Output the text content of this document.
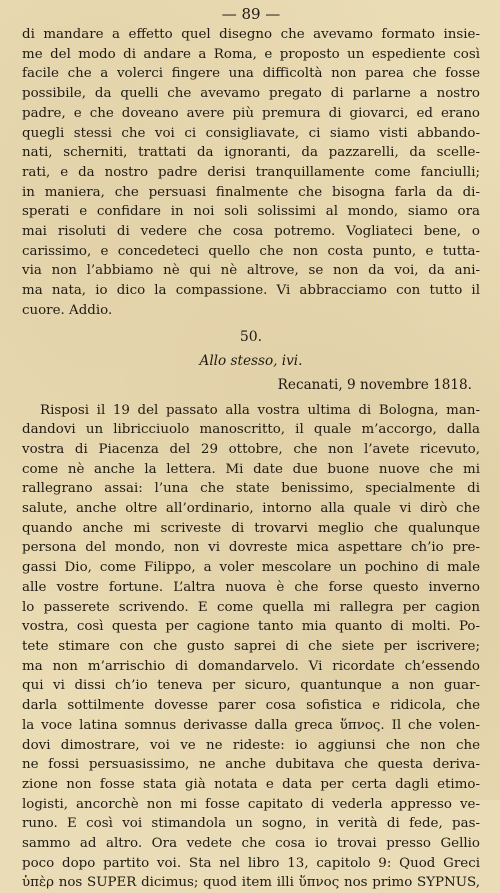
— 89 —
di mandare a effetto quel disegno che avevamo formato insie-
me del modo di andare a Roma, e proposto un espediente così
facile che a volerci fingere una difficoltà non parea che fosse
possibile, da quelli che avevamo pregato di parlarne a nostro
padre, e che doveano avere più premura di giovarci, ed erano
quegli stessi che voi ci consigliavate, ci siamo visti abbando-
nati, scherniti, trattati da ignoranti, da pazzarelli, da scelle-
rati, e da nostro padre derisi tranquillamente come fanciulli;
in maniera, che persuasi finalmente che bisogna farla da di-
sperati e confidare in noi soli solissimi al mondo, siamo ora
mai risoluti di vedere che cosa potremo. Vogliateci bene, o
carissimo, e concedeteci quello che non costa punto, e tutta-
via non l’abbiamo nè qui nè altrove, se non da voi, da ani-
ma nata, io dico la compassione. Vi abbracciamo con tutto il
cuore. Addio.
50.
Allo stesso, ivi.
Recanati, 9 novembre 1818.
Risposi il 19 del passato alla vostra ultima di Bologna, man-
dandovi un libricciuolo manoscritto, il quale m’accorgo, dalla
vostra di Piacenza del 29 ottobre, che non l’avete ricevuto,
come nè anche la lettera. Mi date due buone nuove che mi
rallegrano assai: l’una che state benissimo, specialmente di
salute, anche oltre all’ordinario, intorno alla quale vi dirò che
quando anche mi scriveste di trovarvi meglio che qualunque
persona del mondo, non vi dovreste mica aspettare ch’io pre-
gassi Dio, come Filippo, a voler mescolare un pochino di male
alle vostre fortune. L’altra nuova è che forse questo inverno
lo passerete scrivendo. E come quella mi rallegra per cagion
vostra, così questa per cagione tanto mia quanto di molti. Po-
tete stimare con che gusto saprei di che siete per iscrivere;
ma non m’arrischio di domandarvelo. Vi ricordate ch’essendo
qui vi dissi ch’io teneva per sicuro, quantunque a non guar-
darla sottilmente dovesse parer cosa sofistica e ridicola, che
la voce latina somnus derivasse dalla greca ὕπνος. Il che volen-
dovi dimostrare, voi ve ne rideste: io aggiunsi che non che
ne fossi persuasissimo, ne anche dubitava che questa deriva-
zione non fosse stata già notata e data per certa dagli etimo-
logisti, ancorchè non mi fosse capitato di vederla appresso ve-
runo. E così voi stimandola un sogno, in verità di fede, pas-
sammo ad altro. Ora vedete che cosa io trovai presso Gellio
poco dopo partito voi. Sta nel libro 13, capitolo 9: Quod Greci
ὑπὲρ nos SUPER dicimus; quod item illi ὕπνος nos primo SYPNUS,
